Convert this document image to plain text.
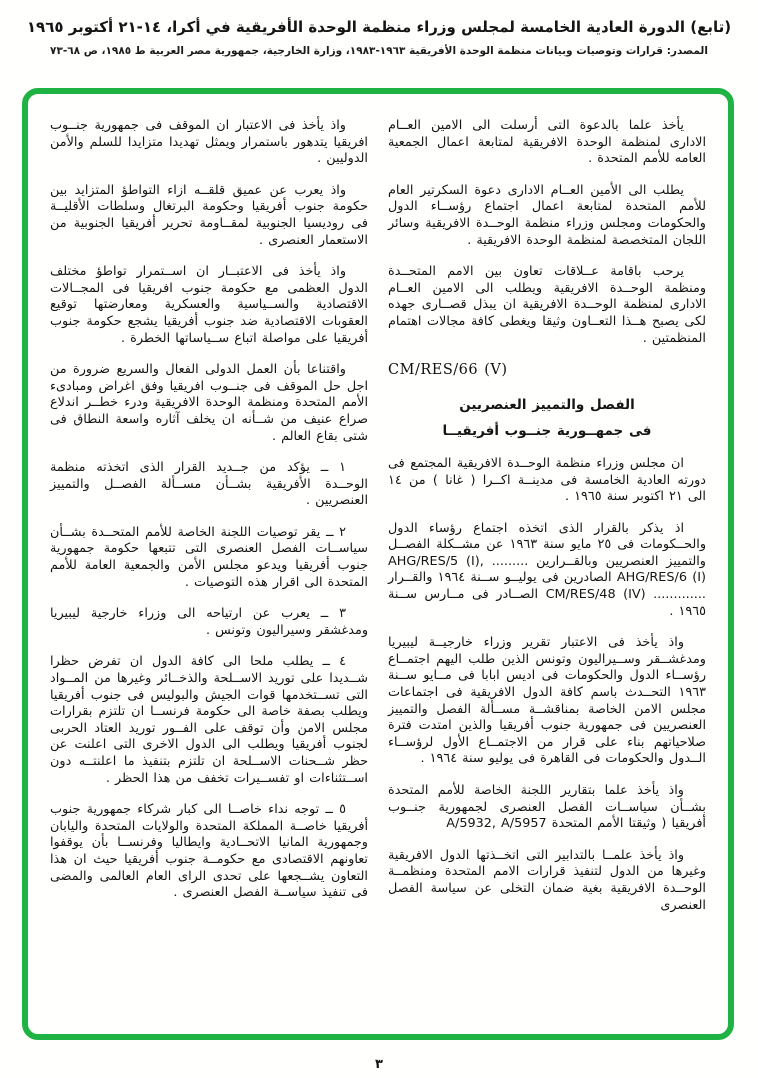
(تابع) الدورة العادية الخامسة لمجلس وزراء منظمة الوحدة الأفريقية في أكرا، ١٤-٢١ أكتوبر ١٩٦٥
المصدر: قرارات وتوصيات وبيانات منظمة الوحدة الأفريقية ١٩٦٣-١٩٨٣، وزارة الخارجية، جمهورية مصر العربية ط ١٩٨٥، ص ٦٨-٧٣

يأخذ علما بالدعوة التى أرسلت الى الامين العــام الادارى لمنظمة الوحدة الافريقية لمتابعة اعمال الجمعية العامه للأمم المتحدة .

يطلب الى الأمين العــام الادارى دعوة السكرتير العام للأمم المتحدة لمتابعة اعمال اجتماع رؤســاء الدول والحكومات ومجلس وزراء منظمة الوحــدة الافريقية وسائر اللجان المتخصصة لمنظمة الوحدة الافريقية .

يرحب باقامة عــلاقات تعاون بين الامم المتحــدة ومنظمة الوحــدة الافريقية ويطلب الى الامين العــام الادارى لمنظمة الوحــدة الافريقية ان يبذل قصــارى جهده لكى يصبح هــذا التعــاون وثيقا ويغطى كافة مجالات اهتمام المنظمتين .

CM/RES/66 (V)
الفصل والتمييز العنصريين
فى جمهــورية جنــوب أفريقيــا

ان مجلس وزراء منظمة الوحــدة الافريقية المجتمع فى دورته العادية الخامسة فى مدينــة اكــرا ( غانا ) من ١٤ الى ٢١ اكتوبر سنة ١٩٦٥ .

اذ يذكر بالقرار الذى اتخذه اجتماع رؤساء الدول والحــكومات فى ٢٥ مايو سنة ١٩٦٣ عن مشــكلة الفصــل والتمييز العنصريين وبالقــرارين ......... AHG/RES/5 (I), AHG/RES/6 (I) الصادرين فى يوليــو ســنة ١٩٦٤ والقــرار ............. CM/RES/48 (IV) الصــادر فى مــارس ســنة ١٩٦٥ .

واذ يأخذ فى الاعتبار تقرير وزراء خارجيــة ليبيريا ومدغشــقر وســيراليون وتونس الذين طلب اليهم اجتمــاع رؤســاء الدول والحكومات فى اديس ابابا فى مــايو ســنة ١٩٦٣ التحــدث باسم كافة الدول الافريقية فى اجتماعات مجلس الامن الخاصة بمناقشــة مســألة الفصل والتمييز العنصريين فى جمهورية جنوب أفريقيا والذين امتدت فترة صلاحياتهم بناء على قرار من الاجتمــاع الأول لرؤســاء الــدول والحكومات فى القاهرة فى يوليو سنة ١٩٦٤ .

واذ يأخذ علما بتقارير اللجنة الخاصة للأمم المتحدة بشــأن سياســات الفصل العنصرى لجمهورية جنــوب أفريقيا ( وثيقتا الأمم المتحدة A/5932, A/5957

واذ يأخذ علمــا بالتدابير التى اتخــذتها الدول الافريقية وغيرها من الدول لتنفيذ قرارات الامم المتحدة ومنظمــة الوحــدة الافريقية بغية ضمان التخلى عن سياسة الفصل العنصرى

واذ يأخذ فى الاعتبار ان الموقف فى جمهورية جنــوب افريقيا يتدهور باستمرار ويمثل تهديدا متزايدا للسلم والأمن الدوليين .

واذ يعرب عن عميق قلقــه ازاء التواطؤ المتزايد بين حكومة جنوب أفريقيا وحكومة البرتغال وسلطات الأقليــة فى روديسيا الجنوبية لمقــاومة تحرير أفريقيا الجنوبية من الاستعمار العنصرى .

واذ يأخذ فى الاعتبــار ان اســتمرار تواطؤ مختلف الدول العظمى مع حكومة جنوب افريقيا فى المجــالات الاقتصادية والســياسية والعسكرية ومعارضتها توقيع العقوبات الاقتصادية ضد جنوب أفريقيا يشجع حكومة جنوب أفريقيا على مواصلة اتباع ســياساتها الخطرة .

واقتناعا بأن العمل الدولى الفعال والسريع ضرورة من اجل حل الموقف فى جنــوب افريقيا وفق اغراض ومبادىء الأمم المتحدة ومنظمة الوحدة الافريقية ودرء خطــر اندلاع صراع عنيف من شــأنه ان يخلف آثاره واسعة النطاق فى شتى بقاع العالم .

١ ــ يؤكد من جــديد القرار الذى اتخذته منظمة الوحــدة الأفريقية بشــأن مســألة الفصــل والتمييز العنصريين .

٢ ــ يقر توصيات اللجنة الخاصة للأمم المتحــدة بشــأن سياســات الفصل العنصرى التى تتبعها حكومة جمهورية جنوب أفريقيا ويدعو مجلس الأمن والجمعية العامة للأمم المتحدة الى اقرار هذه التوصيات .

٣ ــ يعرب عن ارتياحه الى وزراء خارجية ليبيريا ومدغشقر وسيراليون وتونس .

٤ ــ يطلب ملحا الى كافة الدول ان تفرض حظرا شــديدا على توريد الاســلحة والذخــائر وغيرها من المــواد التى تســتخدمها قوات الجيش والبوليس فى جنوب أفريقيا ويطلب بصفة خاصة الى حكومة فرنســا ان تلتزم بقرارات مجلس الامن وأن توقف على الفــور توريد العتاد الحربى لجنوب أفريقيا ويطلب الى الدول الاخرى التى اعلنت عن حظر شــحنات الاســلحة ان تلتزم بتنفيذ ما اعلنتــه دون اســتثناءات او تفســيرات تخفف من هذا الحظر .

٥ ــ توجه نداء خاصــا الى كبار شركاء جمهورية جنوب أفريقيا خاصــة المملكة المتحدة والولايات المتحدة واليابان وجمهورية المانيا الاتحــادية وايطاليا وفرنســا بأن يوقفوا تعاونهم الاقتصادى مع حكومــة جنوب أفريقيا حيث ان هذا التعاون يشــجعها على تحدى الراى العام العالمى والمضى فى تنفيذ سياســة الفصل العنصرى .

٣
